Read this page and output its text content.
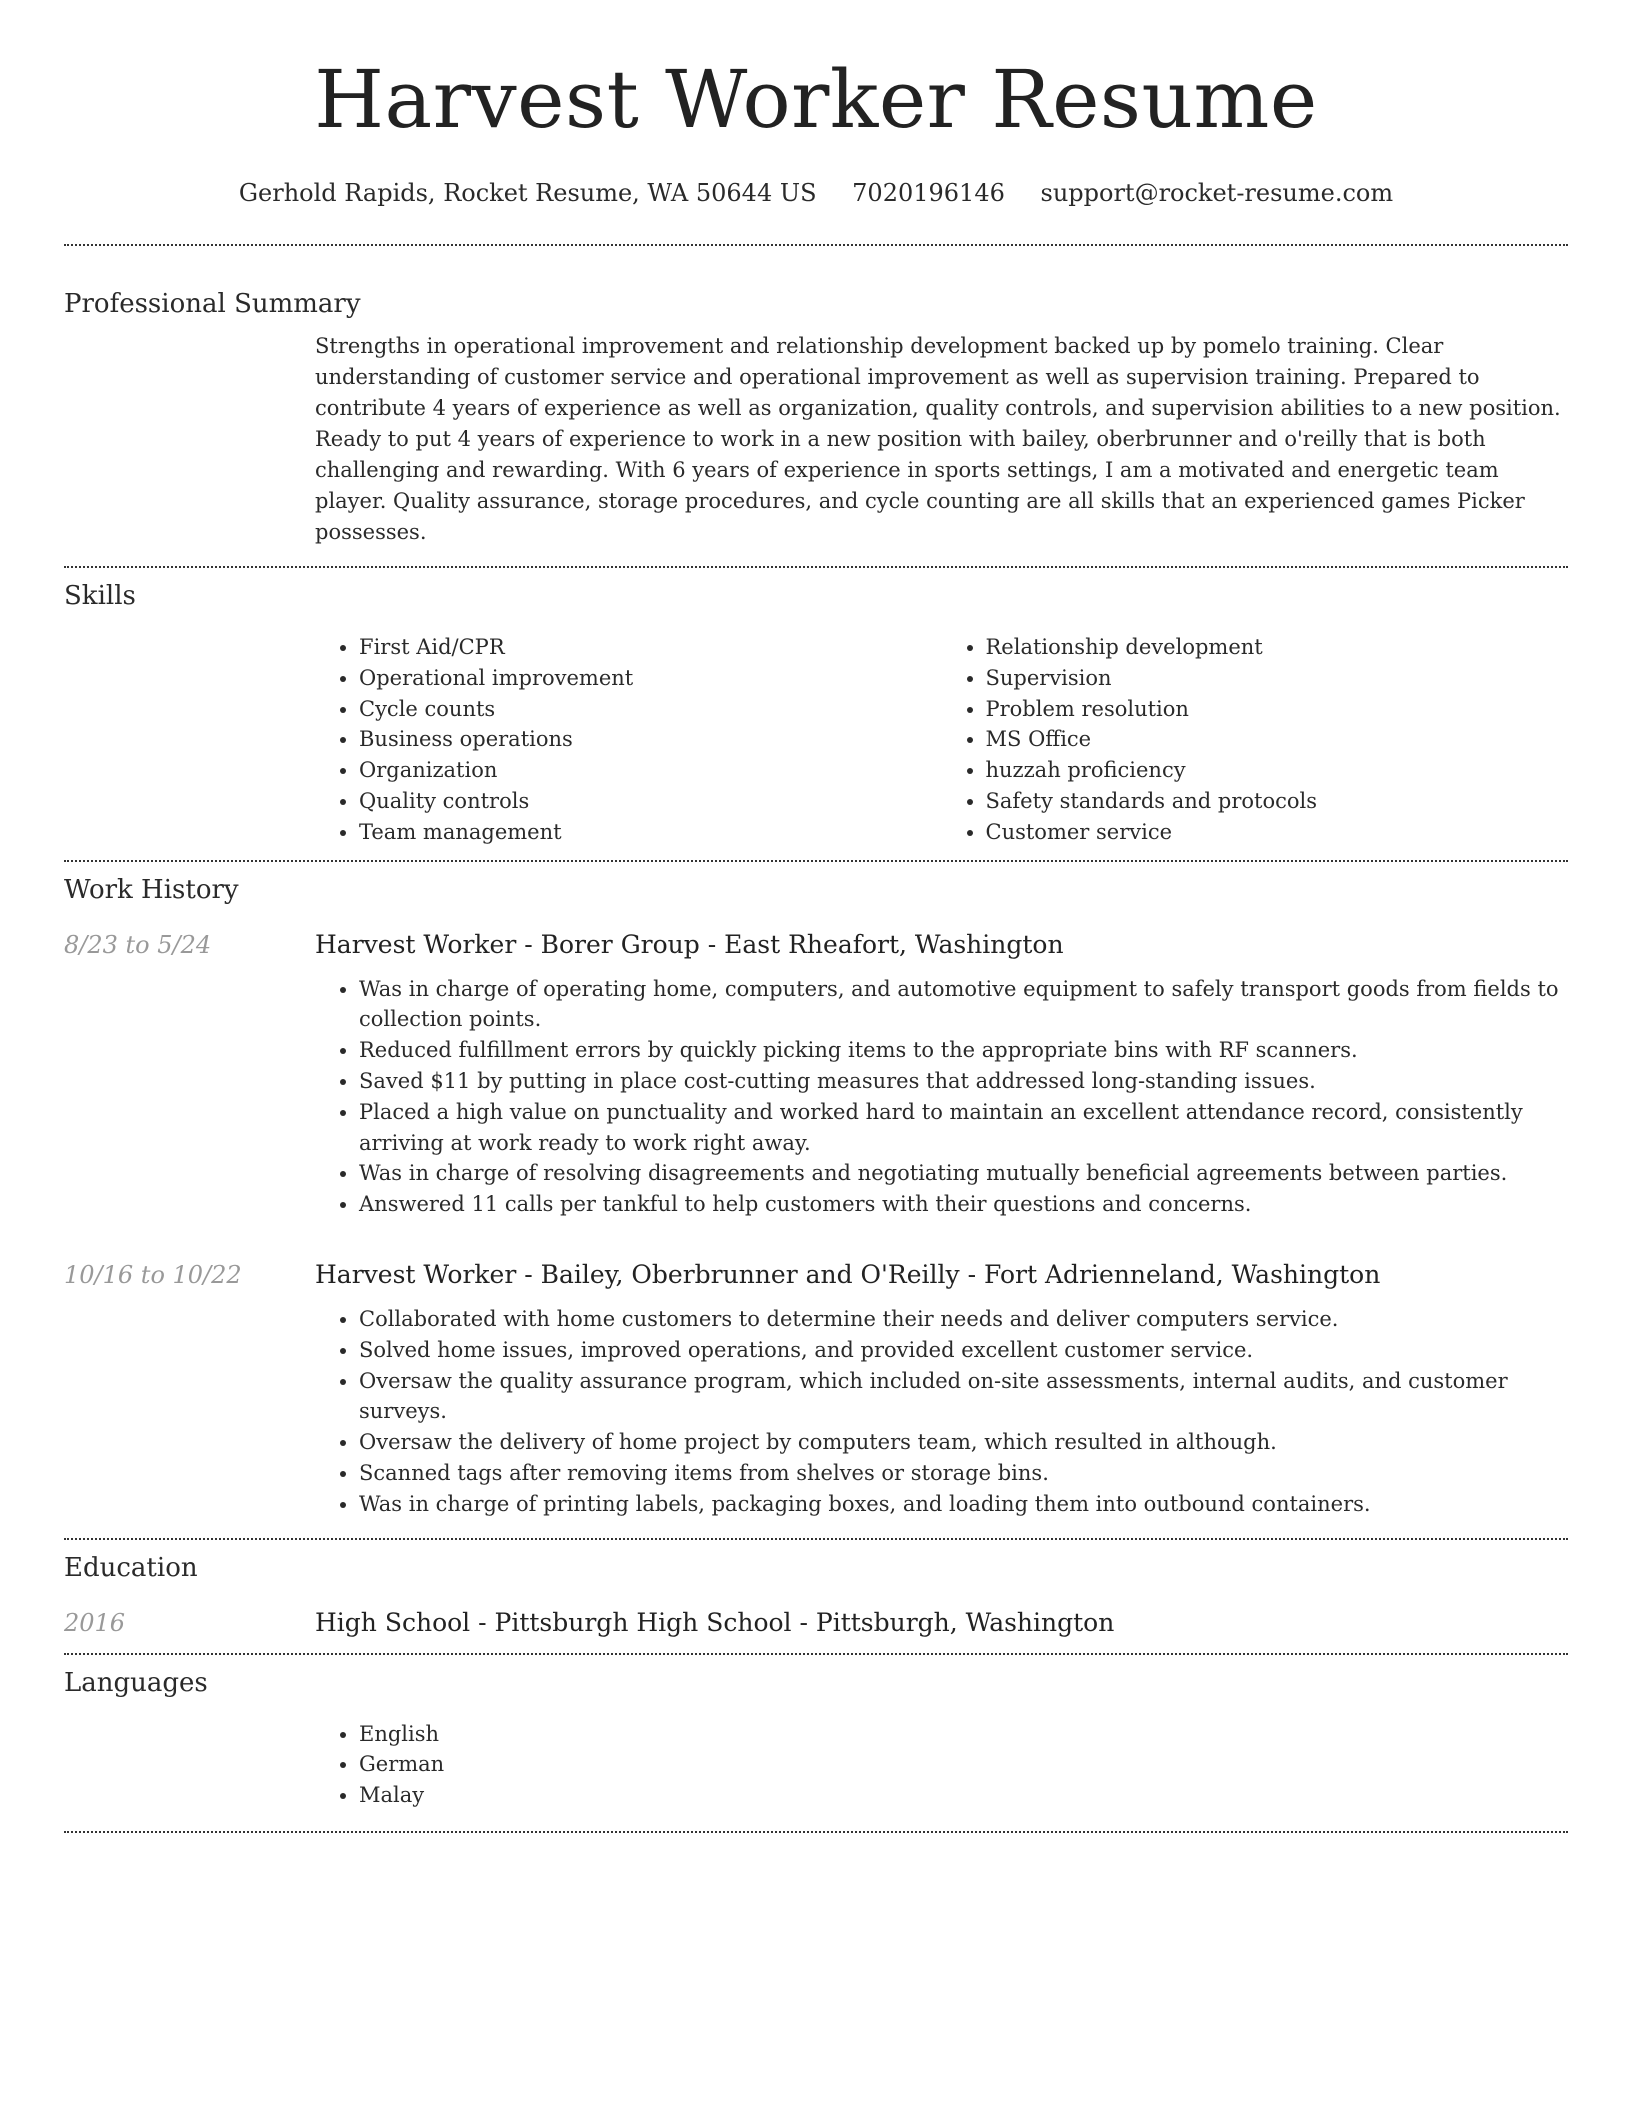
Harvest Worker Resume
Gerhold Rapids, Rocket Resume, WA 50644 US 7020196146 support@rocket-resume.com
Professional Summary
Strengths in operational improvement and relationship development backed up by pomelo training. Clear understanding of customer service and operational improvement as well as supervision training. Prepared to contribute 4 years of experience as well as organization, quality controls, and supervision abilities to a new position. Ready to put 4 years of experience to work in a new position with bailey, oberbrunner and o'reilly that is both challenging and rewarding. With 6 years of experience in sports settings, I am a motivated and energetic team player. Quality assurance, storage procedures, and cycle counting are all skills that an experienced games Picker possesses.
Skills
• First Aid/CPR
• Operational improvement
• Cycle counts
• Business operations
• Organization
• Quality controls
• Team management
• Relationship development
• Supervision
• Problem resolution
• MS Office
• huzzah proficiency
• Safety standards and protocols
• Customer service
Work History
8/23 to 5/24	Harvest Worker - Borer Group - East Rheafort, Washington
• Was in charge of operating home, computers, and automotive equipment to safely transport goods from fields to collection points.
• Reduced fulfillment errors by quickly picking items to the appropriate bins with RF scanners.
• Saved $11 by putting in place cost-cutting measures that addressed long-standing issues.
• Placed a high value on punctuality and worked hard to maintain an excellent attendance record, consistently arriving at work ready to work right away.
• Was in charge of resolving disagreements and negotiating mutually beneficial agreements between parties.
• Answered 11 calls per tankful to help customers with their questions and concerns.
10/16 to 10/22	Harvest Worker - Bailey, Oberbrunner and O'Reilly - Fort Adrienneland, Washington
• Collaborated with home customers to determine their needs and deliver computers service.
• Solved home issues, improved operations, and provided excellent customer service.
• Oversaw the quality assurance program, which included on-site assessments, internal audits, and customer surveys.
• Oversaw the delivery of home project by computers team, which resulted in although.
• Scanned tags after removing items from shelves or storage bins.
• Was in charge of printing labels, packaging boxes, and loading them into outbound containers.
Education
2016	High School - Pittsburgh High School - Pittsburgh, Washington
Languages
• English
• German
• Malay
